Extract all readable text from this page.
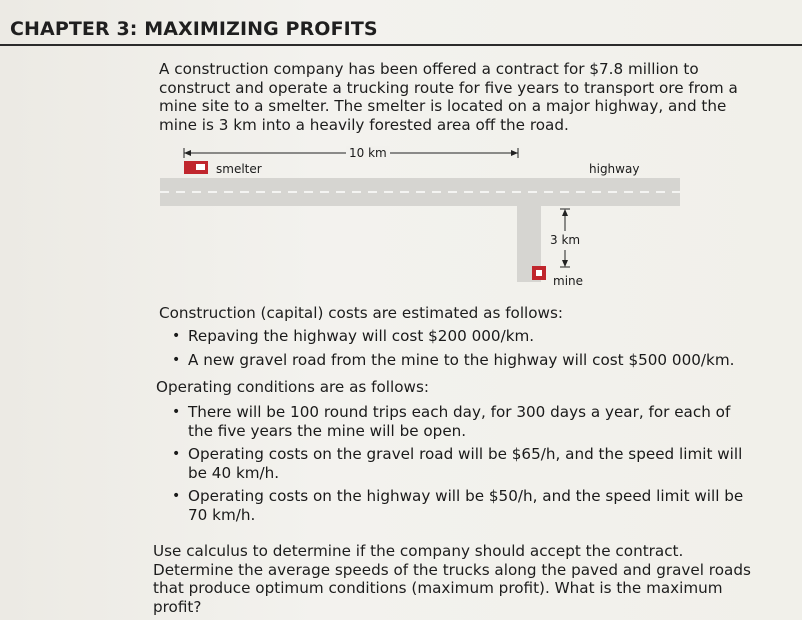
CHAPTER 3: MAXIMIZING PROFITS
A construction company has been offered a contract for $7.8 million to construct and operate a trucking route for five years to transport ore from a mine site to a smelter. The smelter is located on a major highway, and the mine is 3 km into a heavily forested area off the road.
10 km
smelter	highway
3 km
mine
Construction (capital) costs are estimated as follows:
• Repaving the highway will cost $200 000/km.
• A new gravel road from the mine to the highway will cost $500 000/km.
Operating conditions are as follows:
• There will be 100 round trips each day, for 300 days a year, for each of the five years the mine will be open.
• Operating costs on the gravel road will be $65/h, and the speed limit will be 40 km/h.
• Operating costs on the highway will be $50/h, and the speed limit will be 70 km/h.
Use calculus to determine if the company should accept the contract. Determine the average speeds of the trucks along the paved and gravel roads that produce optimum conditions (maximum profit). What is the maximum profit?
